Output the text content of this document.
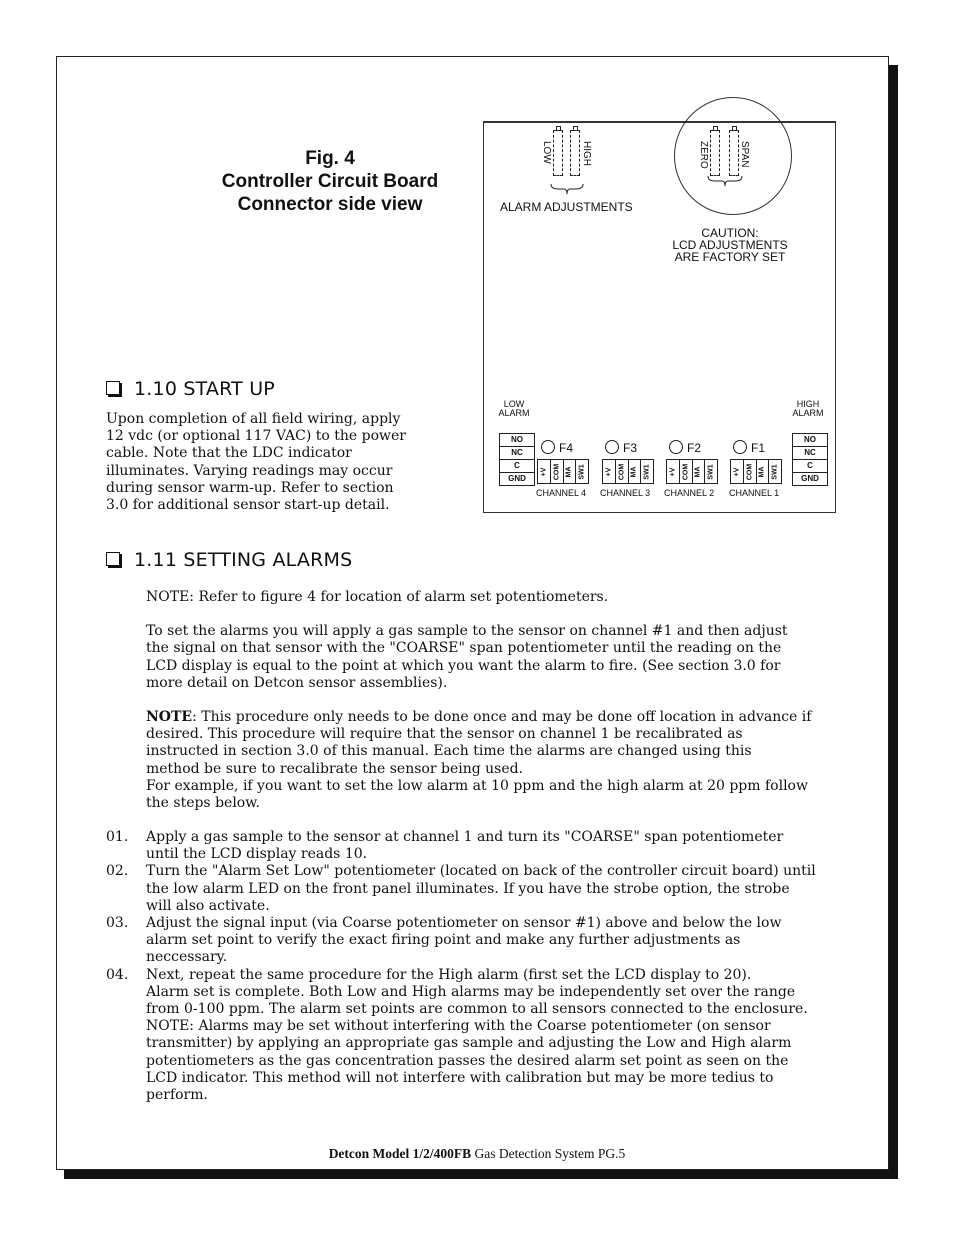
Fig. 4
Controller Circuit Board
Connector side view
LOW	HIGH
ALARM ADJUSTMENTS
ZERO	SPAN
CAUTION:
LCD ADJUSTMENTS
ARE FACTORY SET
LOW
ALARM
NO
NC
C
GND
HIGH
ALARM
NO
NC
C
GND
F4
+V COM MA SW1
CHANNEL 4
F3
+V COM MA SW1
CHANNEL 3
F2
+V COM MA SW1
CHANNEL 2
F1
+V COM MA SW1
CHANNEL 1
1.10 START UP
Upon completion of all field wiring, apply
12 vdc (or optional 117 VAC) to the power
cable. Note that the LDC indicator
illuminates. Varying readings may occur
during sensor warm-up. Refer to section
3.0 for additional sensor start-up detail.
1.11 SETTING ALARMS

NOTE: Refer to figure 4 for location of alarm set potentiometers.

To set the alarms you will apply a gas sample to the sensor on channel #1 and then adjust

the signal on that sensor with the "COARSE" span potentiometer until the reading on the

LCD display is equal to the point at which you want the alarm to fire. (See section 3.0 for

more detail on Detcon sensor assemblies).

NOTE: This procedure only needs to be done once and may be done off location in advance if

desired. This procedure will require that the sensor on channel 1 be recalibrated as

instructed in section 3.0 of this manual. Each time the alarms are changed using this

method be sure to recalibrate the sensor being used.

For example, if you want to set the low alarm at 10 ppm and the high alarm at 20 ppm follow

the steps below.

01.	Apply a gas sample to the sensor at channel 1 and turn its "COARSE" span potentiometer
until the LCD display reads 10.
02.	Turn the "Alarm Set Low" potentiometer (located on back of the controller circuit board) until
the low alarm LED on the front panel illuminates. If you have the strobe option, the strobe
will also activate.
03.	Adjust the signal input (via Coarse potentiometer on sensor #1) above and below the low
alarm set point to verify the exact firing point and make any further adjustments as
neccessary.
04.	Next, repeat the same procedure for the High alarm (first set the LCD display to 20).
Alarm set is complete. Both Low and High alarms may be independently set over the range
from 0-100 ppm. The alarm set points are common to all sensors connected to the enclosure.
NOTE: Alarms may be set without interfering with the Coarse potentiometer (on sensor
transmitter) by applying an appropriate gas sample and adjusting the Low and High alarm
potentiometers as the gas concentration passes the desired alarm set point as seen on the
LCD indicator. This method will not interfere with calibration but may be more tedius to
perform.
Detcon Model 1/2/400FB Gas Detection System PG.5
